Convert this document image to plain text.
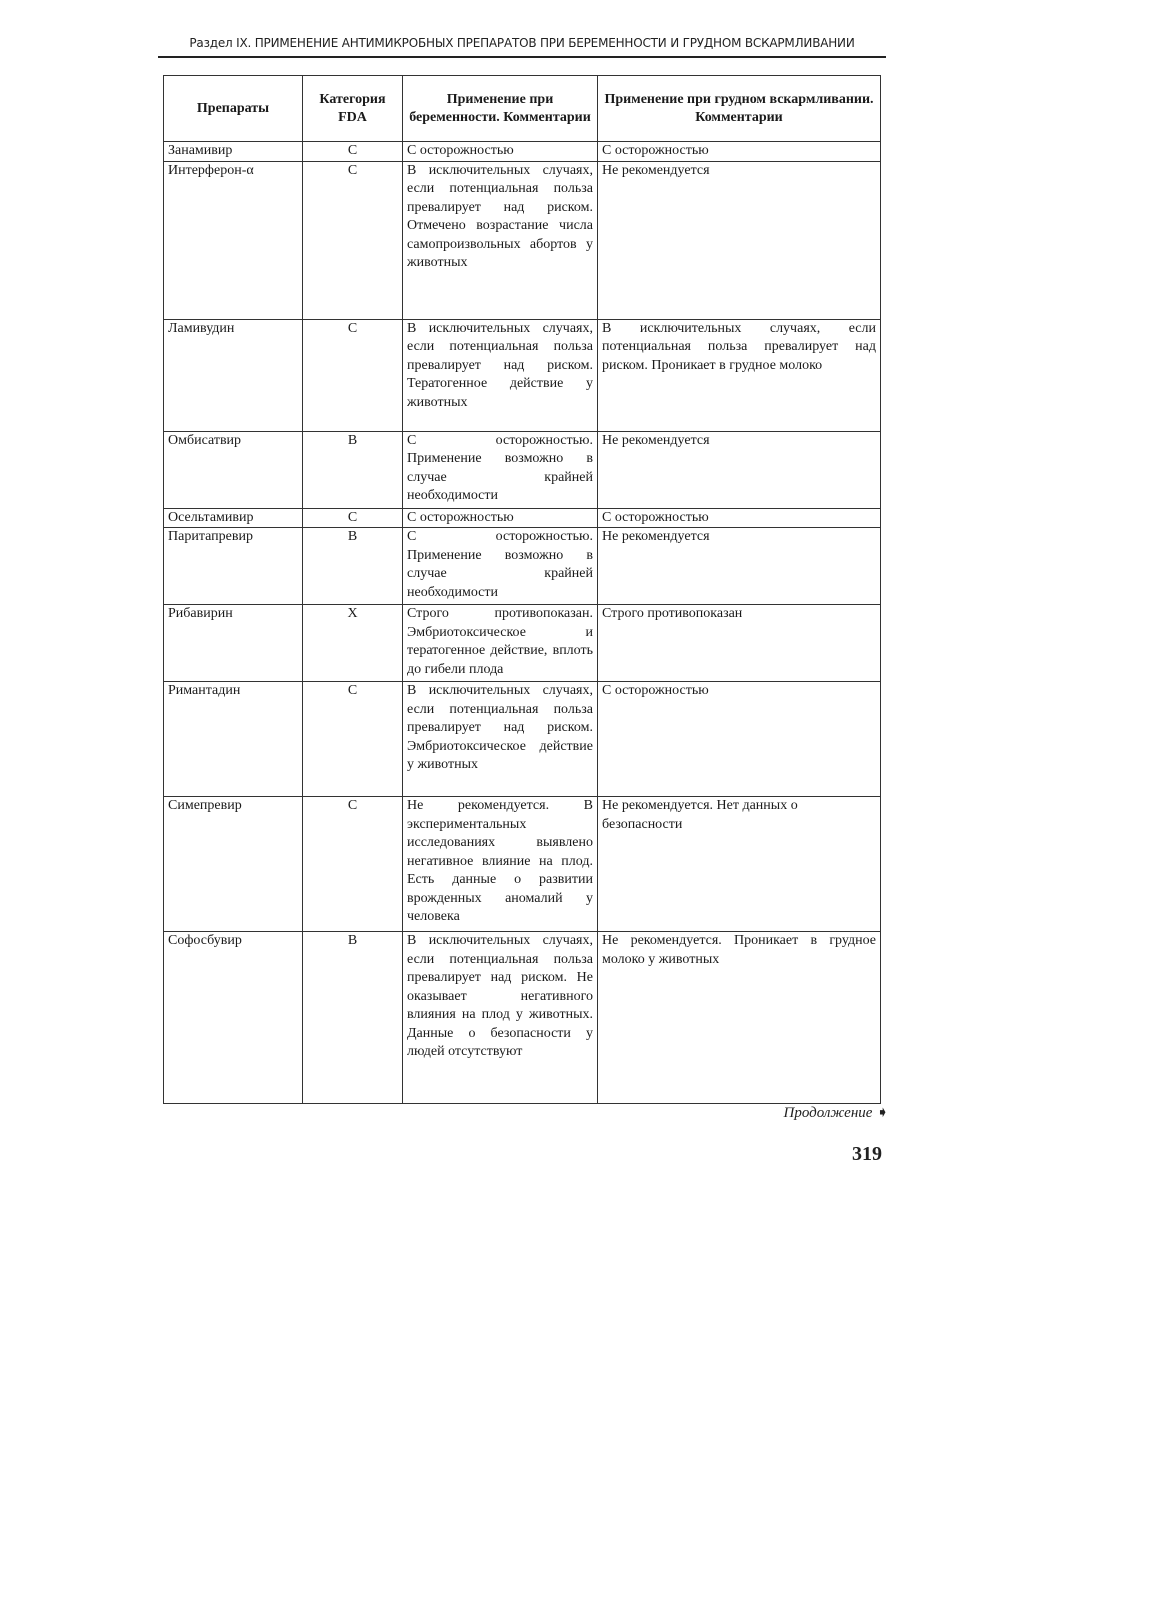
Раздел IX. ПРИМЕНЕНИЕ АНТИМИКРОБНЫХ ПРЕПАРАТОВ ПРИ БЕРЕМЕННОСТИ И ГРУДНОМ ВСКАРМЛИВАНИИ
Препараты	Категория FDA	Применение при беременности. Комментарии	Применение при грудном вскармливании. Комментарии
Занамивир	C	С осторожностью	С осторожностью
Интерферон-α	C	В исключительных случаях, если потенциальная польза превалирует над риском. Отмечено возрастание числа самопроизвольных абортов у животных	Не рекомендуется
Ламивудин	C	В исключительных случаях, если потенциальная польза превалирует над риском. Тератогенное действие у животных	В исключительных случаях, если потенциальная польза превалирует над риском. Проникает в грудное молоко
Омбисатвир	B	С осторожностью. Применение возможно в случае крайней необходимости	Не рекомендуется
Осельтамивир	C	С осторожностью	С осторожностью
Паритапревир	B	С осторожностью. Применение возможно в случае крайней необходимости	Не рекомендуется
Рибавирин	X	Строго противопоказан. Эмбриотоксическое и тератогенное действие, вплоть до гибели плода	Строго противопоказан
Римантадин	C	В исключительных случаях, если потенциальная польза превалирует над риском. Эмбриотоксическое действие у животных	С осторожностью
Симепревир	C	Не рекомендуется. В экспериментальных исследованиях выявлено негативное влияние на плод. Есть данные о развитии врожденных аномалий у человека	Не рекомендуется. Нет данных о безопасности
Софосбувир	B	В исключительных случаях, если потенциальная польза превалирует над риском. Не оказывает негативного влияния на плод у животных. Данные о безопасности у людей отсутствуют	Не рекомендуется. Проникает в грудное молоко у животных
Продолжение ➧
319
